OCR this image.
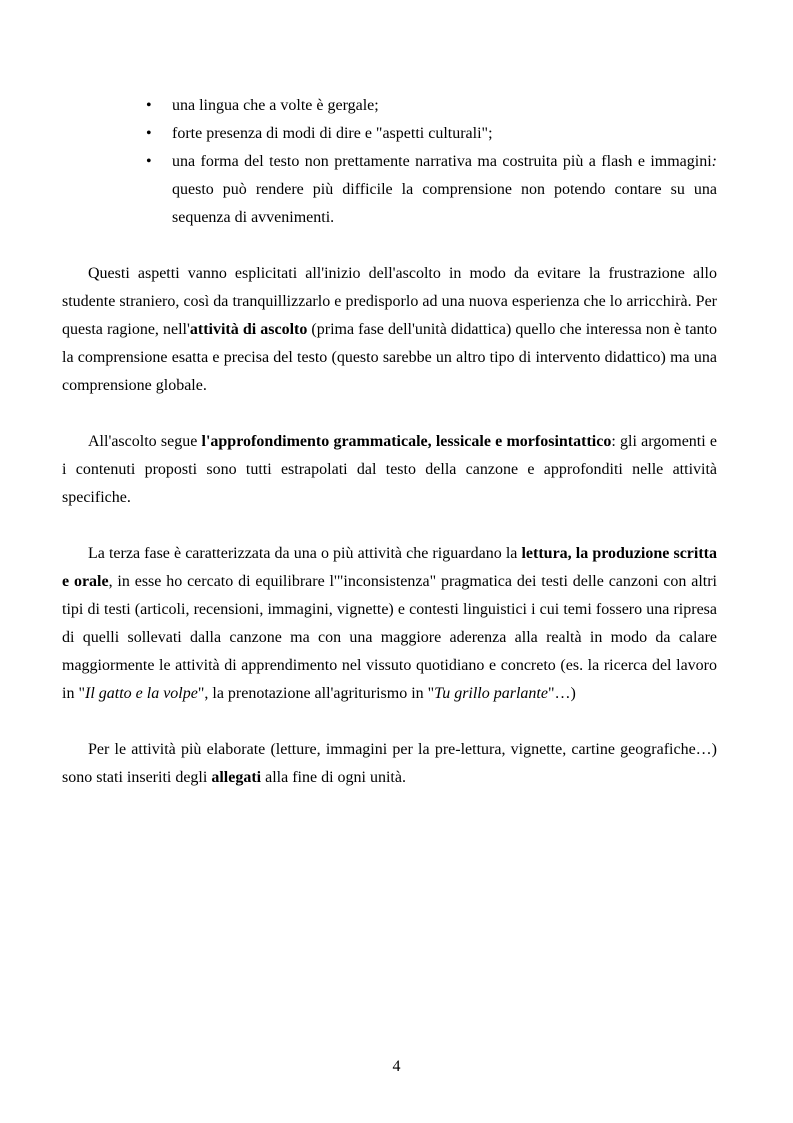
• una lingua che a volte è gergale;
• forte presenza di modi di dire e "aspetti culturali";
• una forma del testo non prettamente narrativa ma costruita più a flash e immagini: questo può rendere più difficile la comprensione non potendo contare su una sequenza di avvenimenti.

Questi aspetti vanno esplicitati all'inizio dell'ascolto in modo da evitare la frustrazione allo studente straniero, così da tranquillizzarlo e predisporlo ad una nuova esperienza che lo arricchirà. Per questa ragione, nell'attività di ascolto (prima fase dell'unità didattica) quello che interessa non è tanto la comprensione esatta e precisa del testo (questo sarebbe un altro tipo di intervento didattico) ma una comprensione globale.

All'ascolto segue l'approfondimento grammaticale, lessicale e morfosintattico: gli argomenti e i contenuti proposti sono tutti estrapolati dal testo della canzone e approfonditi nelle attività specifiche.

La terza fase è caratterizzata da una o più attività che riguardano la lettura, la produzione scritta e orale, in esse ho cercato di equilibrare l'"inconsistenza" pragmatica dei testi delle canzoni con altri tipi di testi (articoli, recensioni, immagini, vignette) e contesti linguistici i cui temi fossero una ripresa di quelli sollevati dalla canzone ma con una maggiore aderenza alla realtà in modo da calare maggiormente le attività di apprendimento nel vissuto quotidiano e concreto (es. la ricerca del lavoro in "Il gatto e la volpe", la prenotazione all'agriturismo in "Tu grillo parlante"…)

Per le attività più elaborate (letture, immagini per la pre-lettura, vignette, cartine geografiche…) sono stati inseriti degli allegati alla fine di ogni unità.

4
